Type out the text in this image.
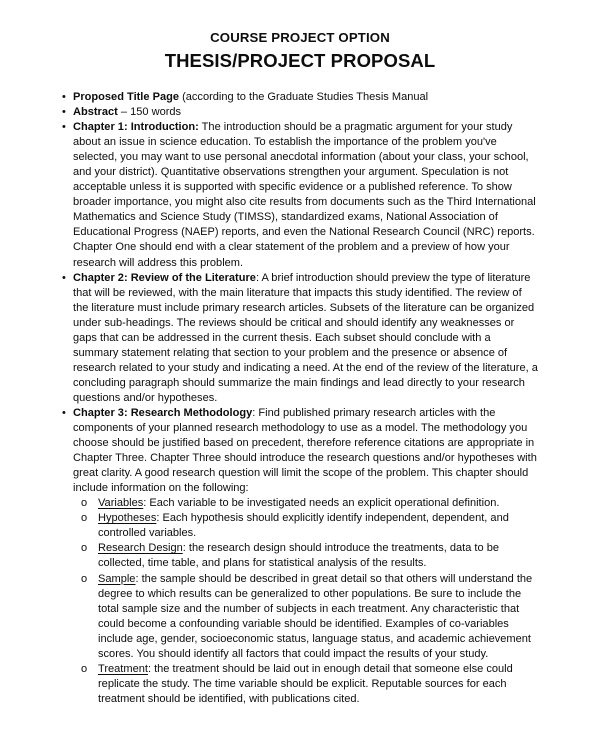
COURSE PROJECT OPTION
THESIS/PROJECT PROPOSAL
• Proposed Title Page (according to the Graduate Studies Thesis Manual
• Abstract – 150 words
• Chapter 1: Introduction: The introduction should be a pragmatic argument for your study about an issue in science education. To establish the importance of the problem you've selected, you may want to use personal anecdotal information (about your class, your school, and your district). Quantitative observations strengthen your argument. Speculation is not acceptable unless it is supported with specific evidence or a published reference. To show broader importance, you might also cite results from documents such as the Third International Mathematics and Science Study (TIMSS), standardized exams, National Association of Educational Progress (NAEP) reports, and even the National Research Council (NRC) reports. Chapter One should end with a clear statement of the problem and a preview of how your research will address this problem.
• Chapter 2: Review of the Literature: A brief introduction should preview the type of literature that will be reviewed, with the main literature that impacts this study identified. The review of the literature must include primary research articles. Subsets of the literature can be organized under sub-headings. The reviews should be critical and should identify any weaknesses or gaps that can be addressed in the current thesis. Each subset should conclude with a summary statement relating that section to your problem and the presence or absence of research related to your study and indicating a need. At the end of the review of the literature, a concluding paragraph should summarize the main findings and lead directly to your research questions and/or hypotheses.
• Chapter 3: Research Methodology: Find published primary research articles with the components of your planned research methodology to use as a model. The methodology you choose should be justified based on precedent, therefore reference citations are appropriate in Chapter Three. Chapter Three should introduce the research questions and/or hypotheses with great clarity. A good research question will limit the scope of the problem. This chapter should include information on the following:
o Variables: Each variable to be investigated needs an explicit operational definition.
o Hypotheses: Each hypothesis should explicitly identify independent, dependent, and controlled variables.
o Research Design: the research design should introduce the treatments, data to be collected, time table, and plans for statistical analysis of the results.
o Sample: the sample should be described in great detail so that others will understand the degree to which results can be generalized to other populations. Be sure to include the total sample size and the number of subjects in each treatment. Any characteristic that could become a confounding variable should be identified. Examples of co-variables include age, gender, socioeconomic status, language status, and academic achievement scores. You should identify all factors that could impact the results of your study.
o Treatment: the treatment should be laid out in enough detail that someone else could replicate the study. The time variable should be explicit. Reputable sources for each treatment should be identified, with publications cited.
